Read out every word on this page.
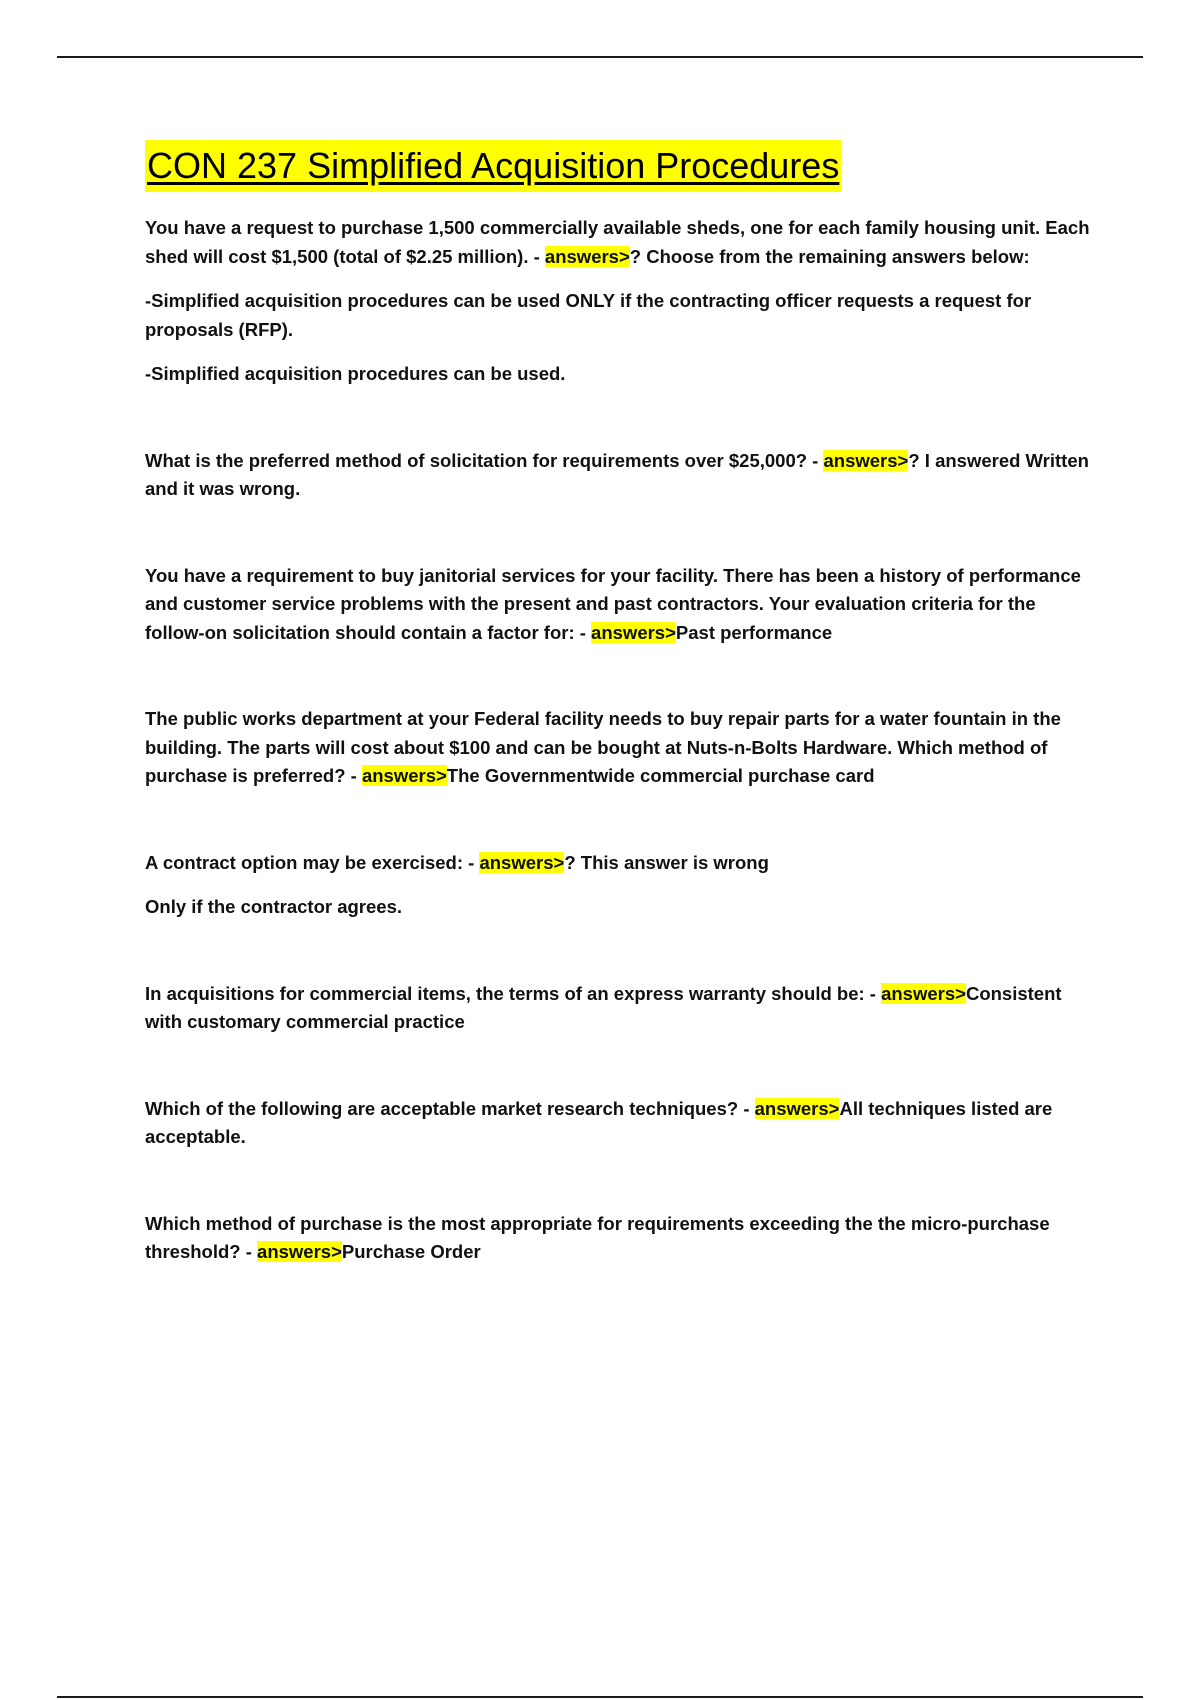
CON 237 Simplified Acquisition Procedures

You have a request to purchase 1,500 commercially available sheds, one for each family housing unit. Each shed will cost $1,500 (total of $2.25 million). - answers>? Choose from the remaining answers below:

-Simplified acquisition procedures can be used ONLY if the contracting officer requests a request for proposals (RFP).

-Simplified acquisition procedures can be used.

What is the preferred method of solicitation for requirements over $25,000? - answers>? I answered Written and it was wrong.

You have a requirement to buy janitorial services for your facility. There has been a history of performance and customer service problems with the present and past contractors. Your evaluation criteria for the follow-on solicitation should contain a factor for: - answers>Past performance

The public works department at your Federal facility needs to buy repair parts for a water fountain in the building. The parts will cost about $100 and can be bought at Nuts-n-Bolts Hardware. Which method of purchase is preferred? - answers>The Governmentwide commercial purchase card

A contract option may be exercised: - answers>? This answer is wrong

Only if the contractor agrees.

In acquisitions for commercial items, the terms of an express warranty should be: - answers>Consistent with customary commercial practice

Which of the following are acceptable market research techniques? - answers>All techniques listed are acceptable.

Which method of purchase is the most appropriate for requirements exceeding the the micro-purchase threshold? - answers>Purchase Order
